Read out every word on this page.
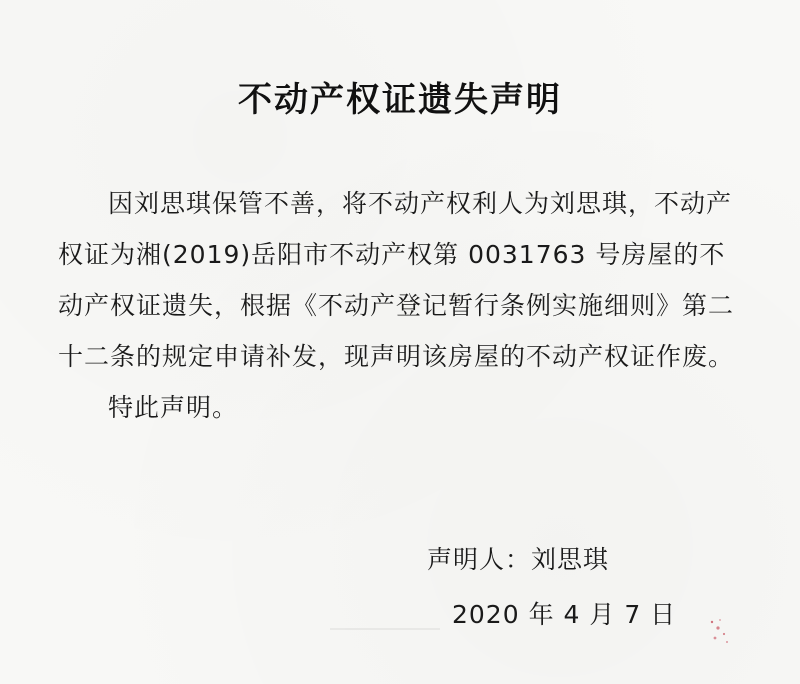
不动产权证遗失声明

因刘思琪保管不善，将不动产权利人为刘思琪，不动产权证为湘(2019)岳阳市不动产权第 0031763 号房屋的不动产权证遗失，根据《不动产登记暂行条例实施细则》第二十二条的规定申请补发，现声明该房屋的不动产权证作废。

特此声明。

声明人：刘思琪
2020 年 4 月 7 日
